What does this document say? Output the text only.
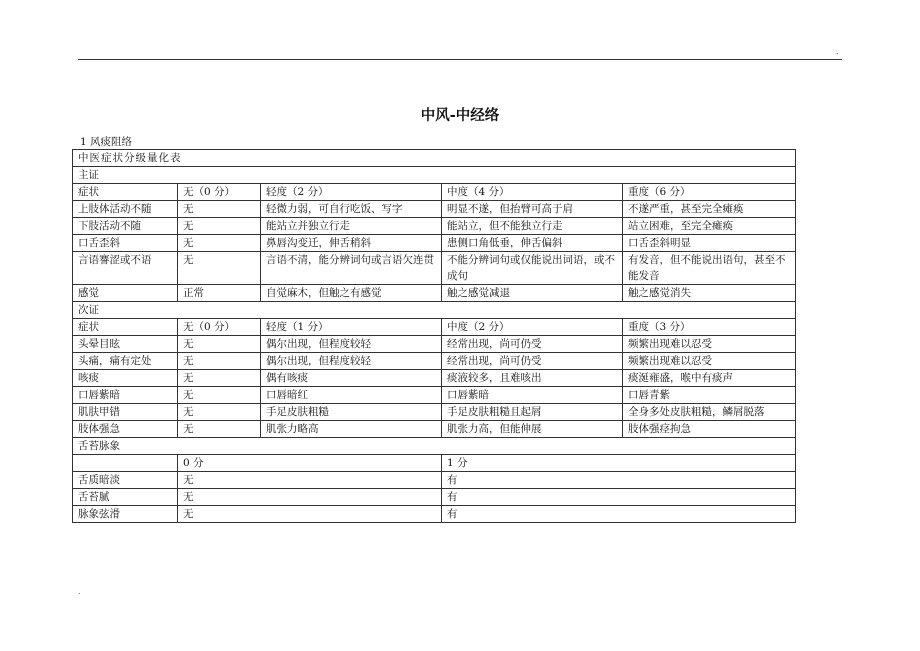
.
中风-中经络
1 风痰阻络
中医症状分级量化表				
主证				
症状	无（0 分）	轻度（2 分）	中度（4 分）	重度（6 分）
上肢体活动不随	无	轻微力弱，可自行吃饭、写字	明显不遂，但抬臂可高于肩	不遂严重，甚至完全瘫痪
下肢活动不随	无	能站立并独立行走	能站立，但不能独立行走	站立困难，至完全瘫痪
口舌歪斜	无	鼻唇沟变迁，伸舌稍斜	患侧口角低垂，伸舌偏斜	口舌歪斜明显
言语謇涩或不语	无	言语不清，能分辨词句或言语欠连贯	不能分辨词句或仅能说出词语，或不成句	有发音，但不能说出语句，甚至不能发音
感觉	正常	自觉麻木，但触之有感觉	触之感觉减退	触之感觉消失
次证				
症状	无（0 分）	轻度（1 分）	中度（2 分）	重度（3 分）
头晕目眩	无	偶尔出现，但程度较轻	经常出现，尚可仍受	频繁出现难以忍受
头痛，痛有定处	无	偶尔出现，但程度较轻	经常出现，尚可仍受	频繁出现难以忍受
咳痰	无	偶有咳痰	痰液较多，且难咳出	痰涎雍盛，喉中有痰声
口唇紫暗	无	口唇暗红	口唇紫暗	口唇青紫
肌肤甲错	无	手足皮肤粗糙	手足皮肤粗糙且起屑	全身多处皮肤粗糙，鳞屑脱落
肢体强急	无	肌张力略高	肌张力高，但能伸展	肢体强痉拘急
舌苔脉象				
	0 分		1 分	
舌质暗淡	无		有	
舌苔腻	无		有	
脉象弦滑	无		有	
.
